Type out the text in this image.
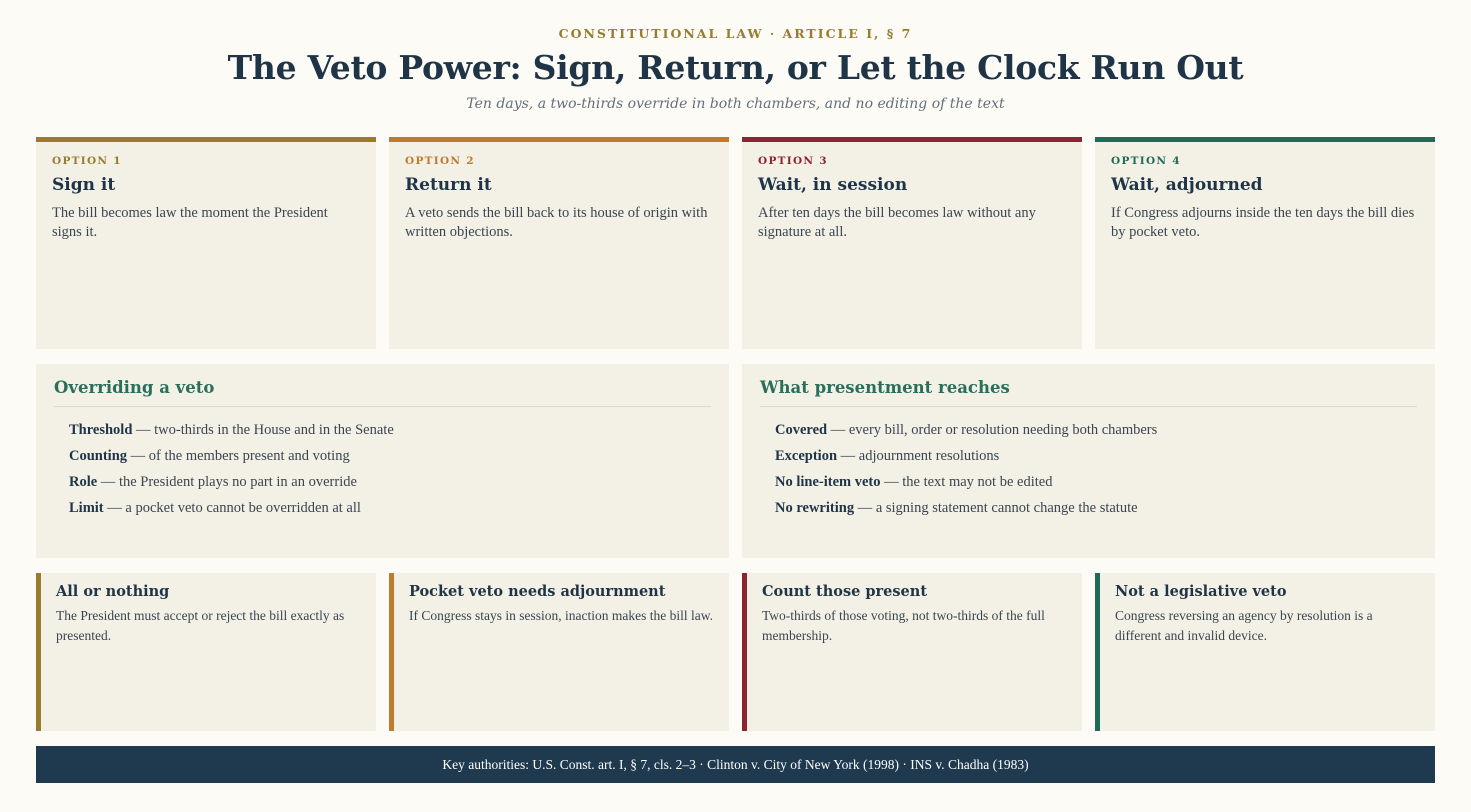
CONSTITUTIONAL LAW · ARTICLE I, § 7
The Veto Power: Sign, Return, or Let the Clock Run Out
Ten days, a two-thirds override in both chambers, and no editing of the text
OPTION 1
Sign it
The bill becomes law the moment the President signs it.
OPTION 2
Return it
A veto sends the bill back to its house of origin with written objections.
OPTION 3
Wait, in session
After ten days the bill becomes law without any signature at all.
OPTION 4
Wait, adjourned
If Congress adjourns inside the ten days the bill dies by pocket veto.
Overriding a veto
Threshold — two-thirds in the House and in the Senate
Counting — of the members present and voting
Role — the President plays no part in an override
Limit — a pocket veto cannot be overridden at all
What presentment reaches
Covered — every bill, order or resolution needing both chambers
Exception — adjournment resolutions
No line-item veto — the text may not be edited
No rewriting — a signing statement cannot change the statute
All or nothing
The President must accept or reject the bill exactly as presented.
Pocket veto needs adjournment
If Congress stays in session, inaction makes the bill law.
Count those present
Two-thirds of those voting, not two-thirds of the full membership.
Not a legislative veto
Congress reversing an agency by resolution is a different and invalid device.
Key authorities: U.S. Const. art. I, § 7, cls. 2–3 · Clinton v. City of New York (1998) · INS v. Chadha (1983)
